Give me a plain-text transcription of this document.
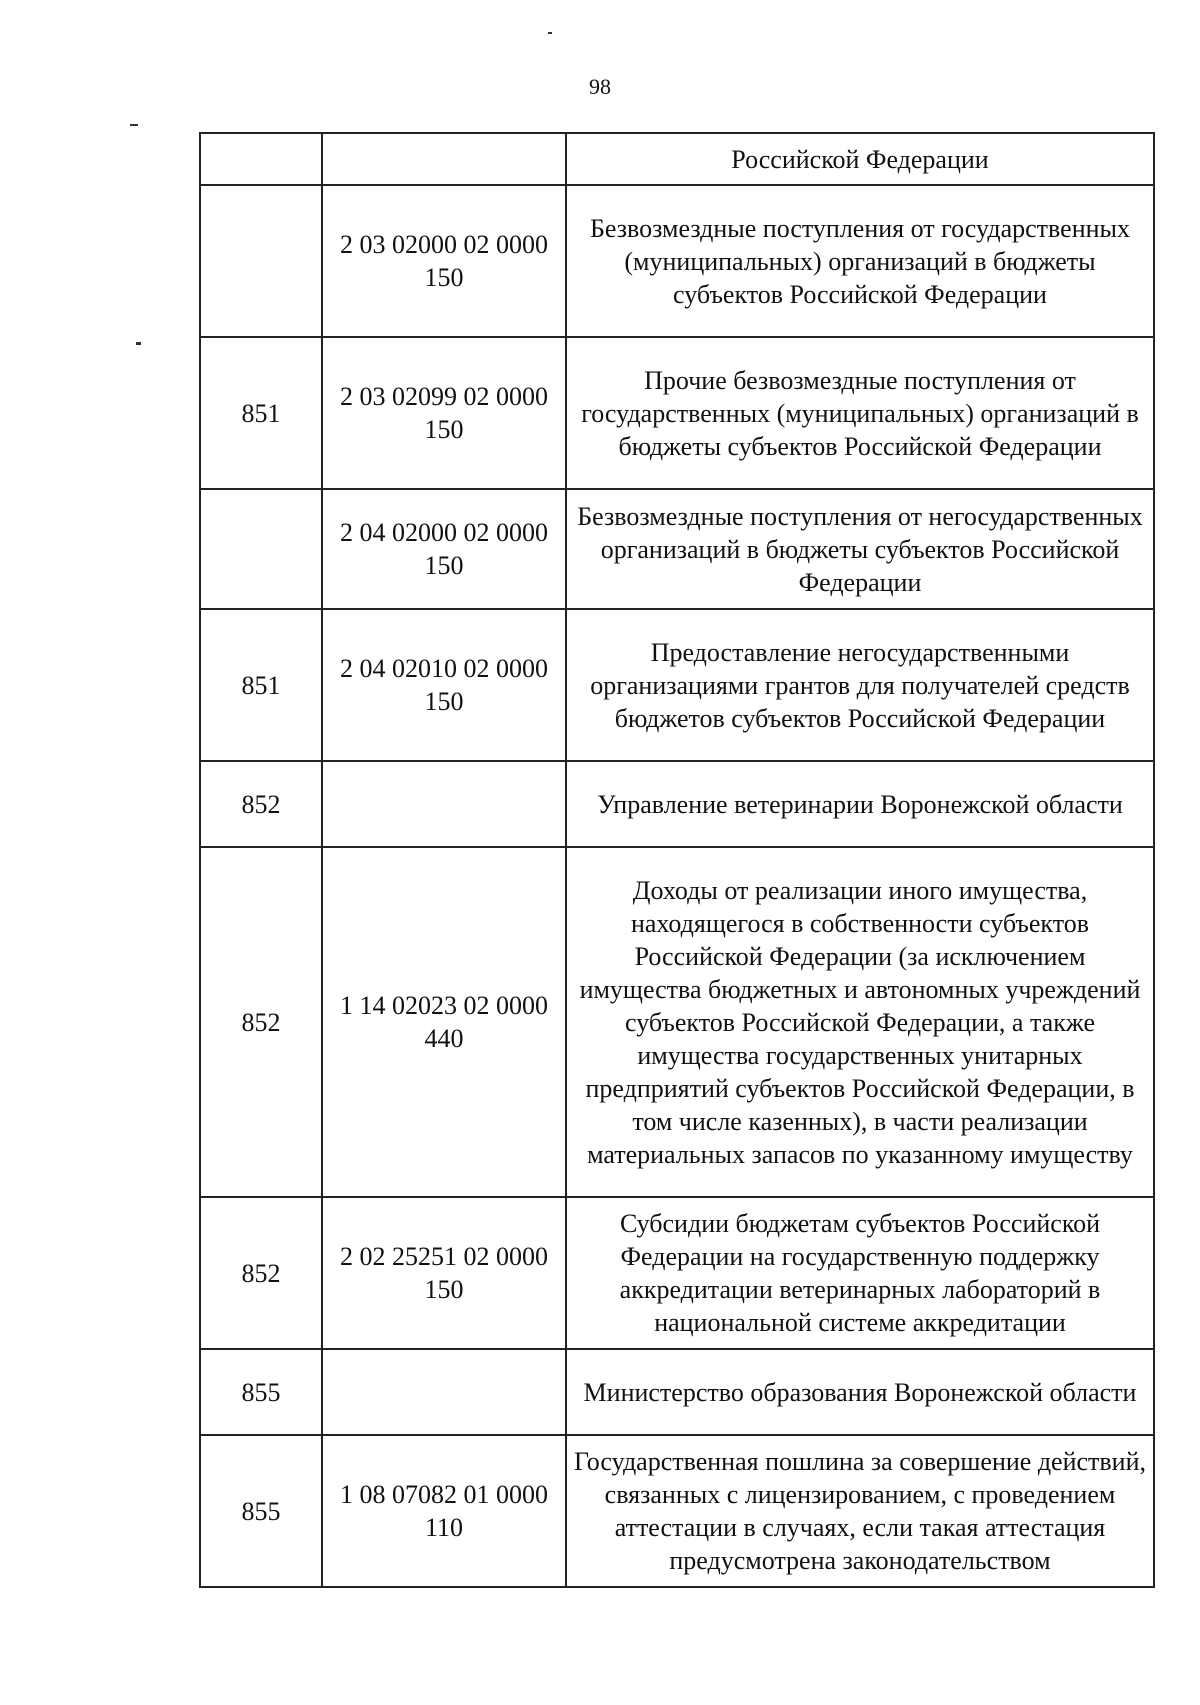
98
		Российской Федерации
	2 03 02000 02 0000 150	Безвозмездные поступления от государственных (муниципальных) организаций в бюджеты субъектов Российской Федерации
851	2 03 02099 02 0000 150	Прочие безвозмездные поступления от государственных (муниципальных) организаций в бюджеты субъектов Российской Федерации
	2 04 02000 02 0000 150	Безвозмездные поступления от негосударственных организаций в бюджеты субъектов Российской Федерации
851	2 04 02010 02 0000 150	Предоставление негосударственными организациями грантов для получателей средств бюджетов субъектов Российской Федерации
852		Управление ветеринарии Воронежской области
852	1 14 02023 02 0000 440	Доходы от реализации иного имущества, находящегося в собственности субъектов Российской Федерации (за исключением имущества бюджетных и автономных учреждений субъектов Российской Федерации, а также имущества государственных унитарных предприятий субъектов Российской Федерации, в том числе казенных), в части реализации материальных запасов по указанному имуществу
852	2 02 25251 02 0000 150	Субсидии бюджетам субъектов Российской Федерации на государственную поддержку аккредитации ветеринарных лабораторий в национальной системе аккредитации
855		Министерство образования Воронежской области
855	1 08 07082 01 0000 110	Государственная пошлина за совершение действий, связанных с лицензированием, с проведением аттестации в случаях, если такая аттестация предусмотрена законодательством
